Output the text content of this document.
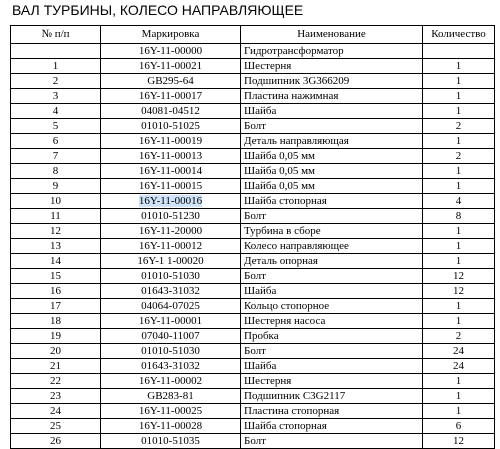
ВАЛ ТУРБИНЫ, КОЛЕСО НАПРАВЛЯЮЩЕЕ
№ п/п	Маркировка	Наименование	Количество
	16Y-11-00000	Гидротрансформатор	
1	16Y-11-00021	Шестерня	1
2	GB295-64	Подшипник 3G366209	1
3	16Y-11-00017	Пластина нажимная	1
4	04081-04512	Шайба	1
5	01010-51025	Болт	2
6	16Y-11-00019	Деталь направляющая	1
7	16Y-11-00013	Шайба 0,05 мм	2
8	16Y-11-00014	Шайба 0,05 мм	1
9	16Y-11-00015	Шайба 0,05 мм	1
10	16Y-11-00016	Шайба стопорная	4
11	01010-51230	Болт	8
12	16Y-11-20000	Турбина в сборе	1
13	16Y-11-00012	Колесо направляющее	1
14	16Y-1 1-00020	Деталь опорная	1
15	01010-51030	Болт	12
16	01643-31032	Шайба	12
17	04064-07025	Кольцо стопорное	1
18	16Y-11-00001	Шестерня насоса	1
19	07040-11007	Пробка	2
20	01010-51030	Болт	24
21	01643-31032	Шайба	24
22	16Y-11-00002	Шестерня	1
23	GB283-81	Подшипник C3G2117	1
24	16Y-11-00025	Пластина стопорная	1
25	16Y-11-00028	Шайба стопорная	6
26	01010-51035	Болт	12
